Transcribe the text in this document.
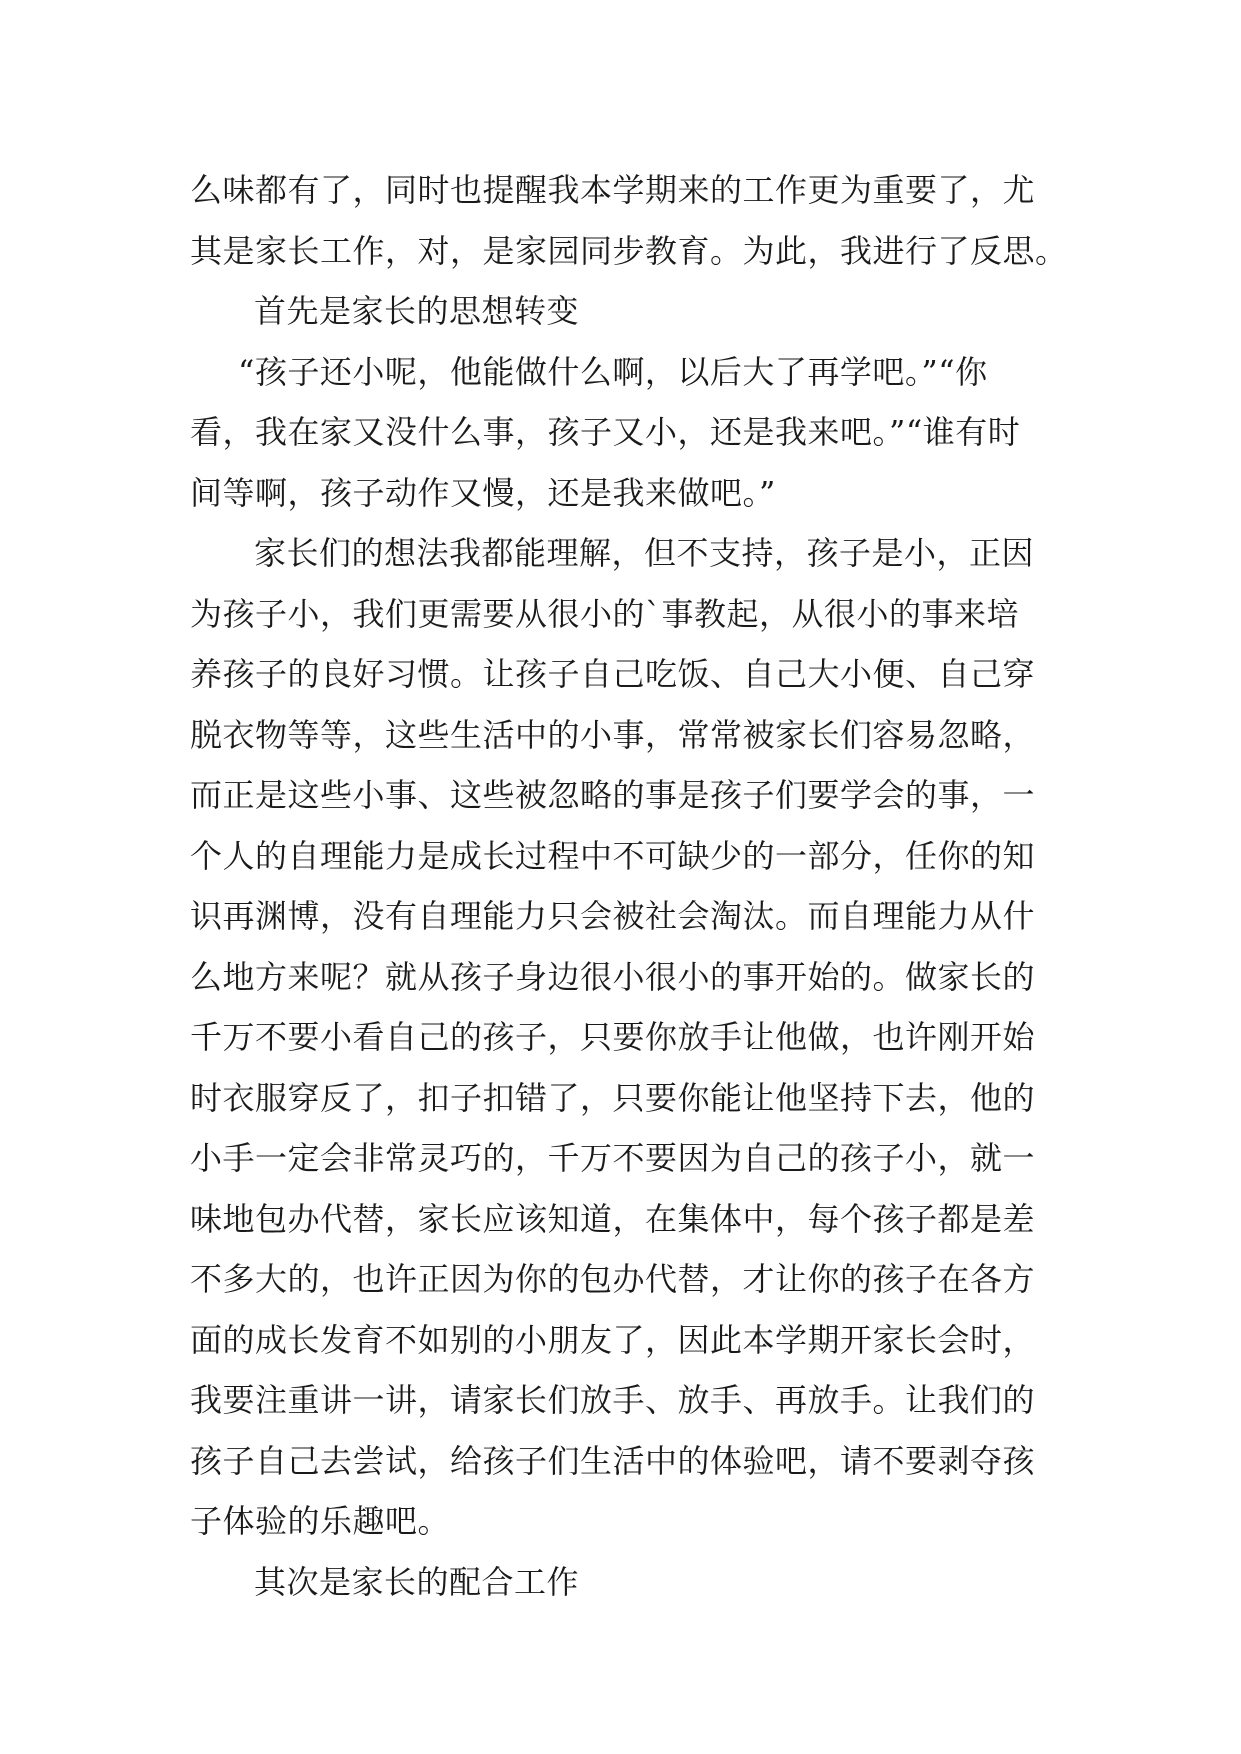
么味都有了，同时也提醒我本学期来的工作更为重要了，尤
其是家长工作，对，是家园同步教育。为此，我进行了反思。
首先是家长的思想转变
“孩子还小呢，他能做什么啊，以后大了再学吧。”“你
看，我在家又没什么事，孩子又小，还是我来吧。”“谁有时
间等啊，孩子动作又慢，还是我来做吧。”
家长们的想法我都能理解，但不支持，孩子是小，正因
为孩子小，我们更需要从很小的`事教起，从很小的事来培
养孩子的良好习惯。让孩子自己吃饭、自己大小便、自己穿
脱衣物等等，这些生活中的小事，常常被家长们容易忽略，
而正是这些小事、这些被忽略的事是孩子们要学会的事，一
个人的自理能力是成长过程中不可缺少的一部分，任你的知
识再渊博，没有自理能力只会被社会淘汰。而自理能力从什
么地方来呢？就从孩子身边很小很小的事开始的。做家长的
千万不要小看自己的孩子，只要你放手让他做，也许刚开始
时衣服穿反了，扣子扣错了，只要你能让他坚持下去，他的
小手一定会非常灵巧的，千万不要因为自己的孩子小，就一
味地包办代替，家长应该知道，在集体中，每个孩子都是差
不多大的，也许正因为你的包办代替，才让你的孩子在各方
面的成长发育不如别的小朋友了，因此本学期开家长会时，
我要注重讲一讲，请家长们放手、放手、再放手。让我们的
孩子自己去尝试，给孩子们生活中的体验吧，请不要剥夺孩
子体验的乐趣吧。
其次是家长的配合工作
